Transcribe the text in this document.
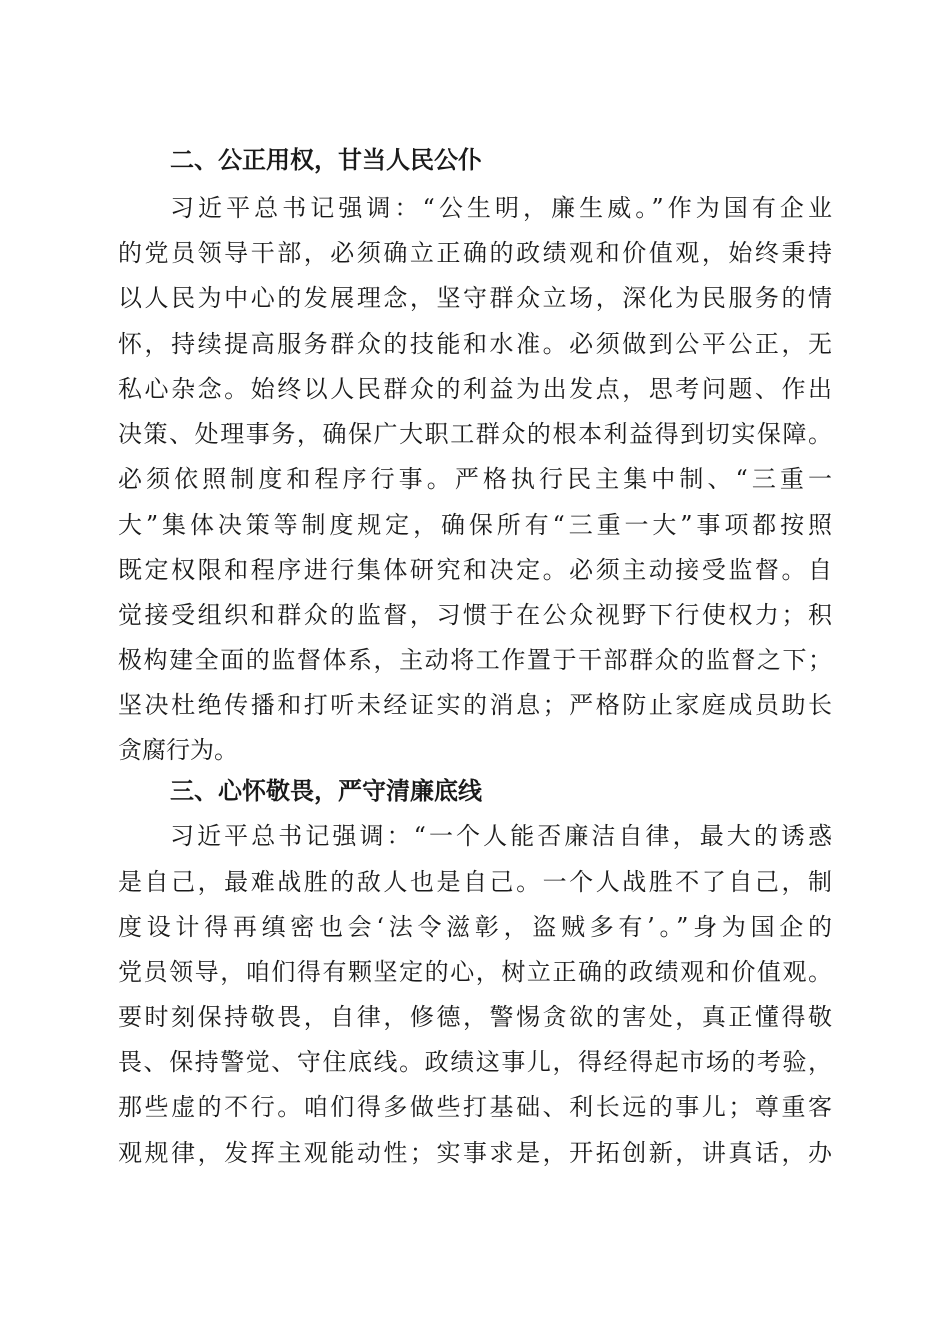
二、公正用权，甘当人民公仆
习近平总书记强调：“公生明，廉生威。”作为国有企业
的党员领导干部，必须确立正确的政绩观和价值观，始终秉持
以人民为中心的发展理念，坚守群众立场，深化为民服务的情
怀，持续提高服务群众的技能和水准。必须做到公平公正，无
私心杂念。始终以人民群众的利益为出发点，思考问题、作出
决策、处理事务，确保广大职工群众的根本利益得到切实保障。
必须依照制度和程序行事。严格执行民主集中制、“三重一
大”集体决策等制度规定，确保所有“三重一大”事项都按照
既定权限和程序进行集体研究和决定。必须主动接受监督。自
觉接受组织和群众的监督，习惯于在公众视野下行使权力；积
极构建全面的监督体系，主动将工作置于干部群众的监督之下；
坚决杜绝传播和打听未经证实的消息；严格防止家庭成员助长
贪腐行为。
三、心怀敬畏，严守清廉底线
习近平总书记强调：“一个人能否廉洁自律，最大的诱惑
是自己，最难战胜的敌人也是自己。一个人战胜不了自己，制
度设计得再缜密也会‘法令滋彰，盗贼多有’。”身为国企的
党员领导，咱们得有颗坚定的心，树立正确的政绩观和价值观。
要时刻保持敬畏，自律，修德，警惕贪欲的害处，真正懂得敬
畏、保持警觉、守住底线。政绩这事儿，得经得起市场的考验，
那些虚的不行。咱们得多做些打基础、利长远的事儿；尊重客
观规律，发挥主观能动性；实事求是，开拓创新，讲真话，办
